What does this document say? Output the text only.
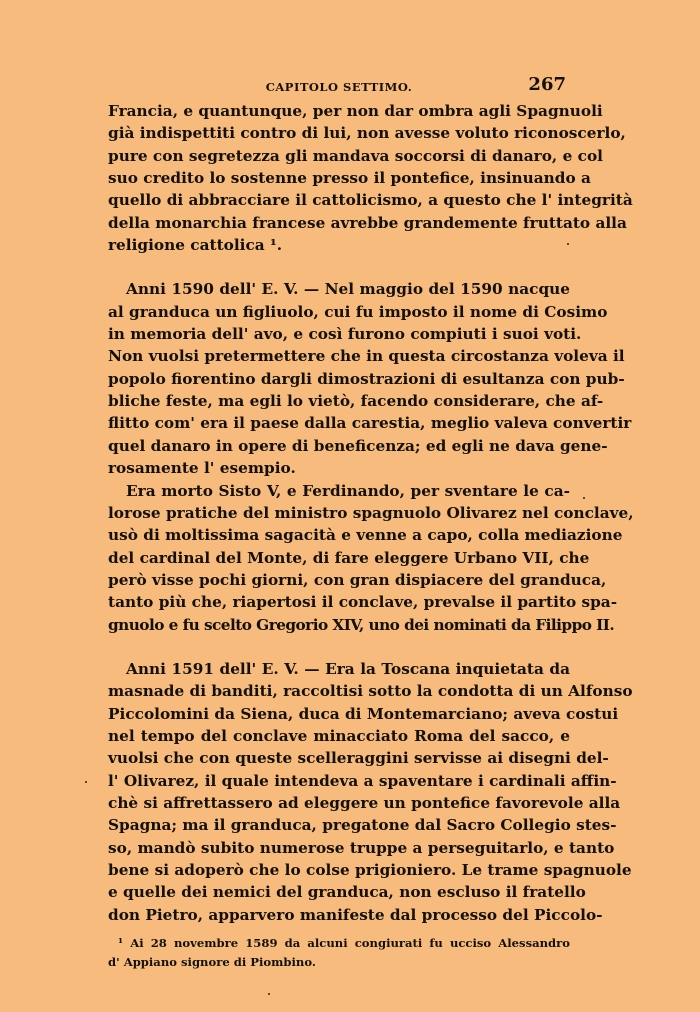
CAPITOLO SETTIMO.	267
Francia, e quantunque, per non dar ombra agli Spagnuoli
già indispettiti contro di lui, non avesse voluto riconoscerlo,
pure con segretezza gli mandava soccorsi di danaro, e col
suo credito lo sostenne presso il pontefice, insinuando a
quello di abbracciare il cattolicismo, a questo che l' integrità
della monarchia francese avrebbe grandemente fruttato alla
religione cattolica ¹.
Anni 1590 dell' E. V. — Nel maggio del 1590 nacque
al granduca un figliuolo, cui fu imposto il nome di Cosimo
in memoria dell' avo, e così furono compiuti i suoi voti.
Non vuolsi pretermettere che in questa circostanza voleva il
popolo fiorentino dargli dimostrazioni di esultanza con pub-
bliche feste, ma egli lo vietò, facendo considerare, che af-
flitto com' era il paese dalla carestia, meglio valeva convertir
quel danaro in opere di beneficenza; ed egli ne dava gene-
rosamente l' esempio.
Era morto Sisto V, e Ferdinando, per sventare le ca-
lorose pratiche del ministro spagnuolo Olivarez nel conclave,
usò di moltissima sagacità e venne a capo, colla mediazione
del cardinal del Monte, di fare eleggere Urbano VII, che
però visse pochi giorni, con gran dispiacere del granduca,
tanto più che, riapertosi il conclave, prevalse il partito spa-
gnuolo e fu scelto Gregorio XIV, uno dei nominati da Filippo II.
Anni 1591 dell' E. V. — Era la Toscana inquietata da
masnade di banditi, raccoltisi sotto la condotta di un Alfonso
Piccolomini da Siena, duca di Montemarciano; aveva costui
nel tempo del conclave minacciato Roma del sacco, e
vuolsi che con queste scelleraggini servisse ai disegni del-
l' Olivarez, il quale intendeva a spaventare i cardinali affin-
chè si affrettassero ad eleggere un pontefice favorevole alla
Spagna; ma il granduca, pregatone dal Sacro Collegio stes-
so, mandò subito numerose truppe a perseguitarlo, e tanto
bene si adoperò che lo colse prigioniero. Le trame spagnuole
e quelle dei nemici del granduca, non escluso il fratello
don Pietro, apparvero manifeste dal processo del Piccolo-
¹ Ai 28 novembre 1589 da alcuni congiurati fu ucciso Alessandro
d' Appiano signore di Piombino.
